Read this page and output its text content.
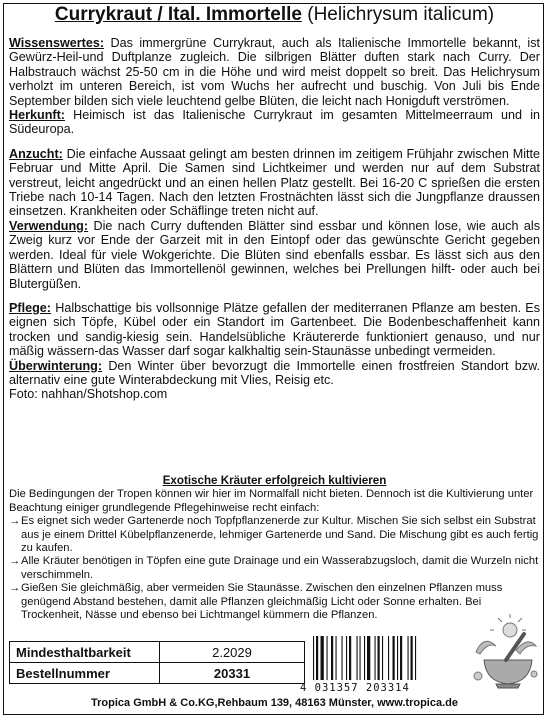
Currykraut / Ital. Immortelle (Helichrysum italicum)

Wissenswertes: Das immergrüne Currykraut, auch als Italienische Immortelle bekannt, ist Gewürz-Heil-und Duftplanze zugleich. Die silbrigen Blätter duften stark nach Curry. Der Halbstrauch wächst 25-50 cm in die Höhe und wird meist doppelt so breit. Das Helichrysum verholzt im unteren Bereich, ist vom Wuchs her aufrecht und buschig. Von Juli bis Ende September bilden sich viele leuchtend gelbe Blüten, die leicht nach Honigduft verströmen.

Herkunft: Heimisch ist das Italienische Currykraut im gesamten Mittelmeerraum und in Südeuropa.

Anzucht: Die einfache Aussaat gelingt am besten drinnen im zeitigem Frühjahr zwischen Mitte Februar und Mitte April. Die Samen sind Lichtkeimer und werden nur auf dem Substrat verstreut, leicht angedrückt und an einen hellen Platz gestellt. Bei 16-20 C sprießen die ersten Triebe nach 10-14 Tagen. Nach den letzten Frostnächten lässt sich die Jungpflanze draussen einsetzen. Krankheiten oder Schäflinge treten nicht auf.

Verwendung: Die nach Curry duftenden Blätter sind essbar und können lose, wie auch als Zweig kurz vor Ende der Garzeit mit in den Eintopf oder das gewünschte Gericht gegeben werden. Ideal für viele Wokgerichte. Die Blüten sind ebenfalls essbar. Es lässt sich aus den Blättern und Blüten das Immortellenöl gewinnen, welches bei Prellungen hilft- oder auch bei Blutergüßen.

Pflege: Halbschattige bis vollsonnige Plätze gefallen der mediterranen Pflanze am besten. Es eignen sich Töpfe, Kübel oder ein Standort im Gartenbeet. Die Bodenbeschaffenheit kann trocken und sandig-kiesig sein. Handelsübliche Kräutererde funktioniert genauso, und nur mäßig wässern-das Wasser darf sogar kalkhaltig sein-Staunässe unbedingt vermeiden.

Überwinterung: Den Winter über bevorzugt die Immortelle einen frostfreien Standort bzw. alternativ eine gute Winterabdeckung mit Vlies, Reisig etc.

Foto: nahhan/Shotshop.com

Exotische Kräuter erfolgreich kultivieren

Die Bedingungen der Tropen können wir hier im Normalfall nicht bieten. Dennoch ist die Kultivierung unter Beachtung einiger grundlegende Pflegehinweise recht einfach:

→ Es eignet sich weder Gartenerde noch Topfpflanzenerde zur Kultur. Mischen Sie sich selbst ein Substrat aus je einem Drittel Kübelpflanzenerde, lehmiger Gartenerde und Sand. Die Mischung gibt es auch fertig zu kaufen.
→ Alle Kräuter benötigen in Töpfen eine gute Drainage und ein Wasserabzugsloch, damit die Wurzeln nicht verschimmeln.
→ Gießen Sie gleichmäßig, aber vermeiden Sie Staunässe. Zwischen den einzelnen Pflanzen muss genügend Abstand bestehen, damit alle Pflanzen gleichmäßig Licht oder Sonne erhalten. Bei Trockenheit, Nässe und ebenso bei Lichtmangel kümmern die Pflanzen.
Mindesthaltbarkeit	2.2029
Bestellnummer	20331
4 031357 203314
Tropica GmbH & Co.KG,Rehbaum 139, 48163 Münster, www.tropica.de
